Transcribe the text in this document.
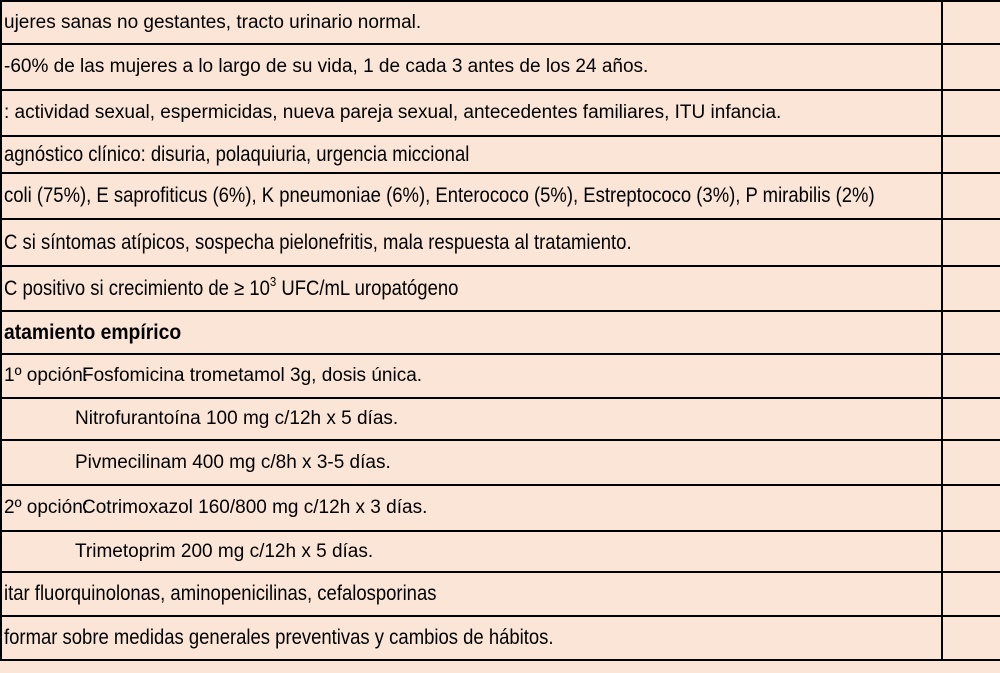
ujeres sanas no gestantes, tracto urinario normal.
-60% de las mujeres a lo largo de su vida, 1 de cada 3 antes de los 24 años.
: actividad sexual, espermicidas, nueva pareja sexual, antecedentes familiares, ITU infancia.
agnóstico clínico: disuria, polaquiuria, urgencia miccional
coli (75%), E saprofiticus (6%), K pneumoniae (6%), Enterococo (5%), Estreptococo (3%), P mirabilis (2%)
C si síntomas atípicos, sospecha pielonefritis, mala respuesta al tratamiento.
C positivo si crecimiento de ≥ $10^3$ UFC/mL uropatógeno
atamiento empírico
1º opción:
Fosfomicina trometamol 3g, dosis única.
Nitrofurantoína 100 mg c/12h x 5 días.
Pivmecilinam 400 mg c/8h x 3-5 días.
2º opción:
Cotrimoxazol 160/800 mg c/12h x 3 días.
Trimetoprim 200 mg c/12h x 5 días.
itar fluorquinolonas, aminopenicilinas, cefalosporinas
formar sobre medidas generales preventivas y cambios de hábitos.
